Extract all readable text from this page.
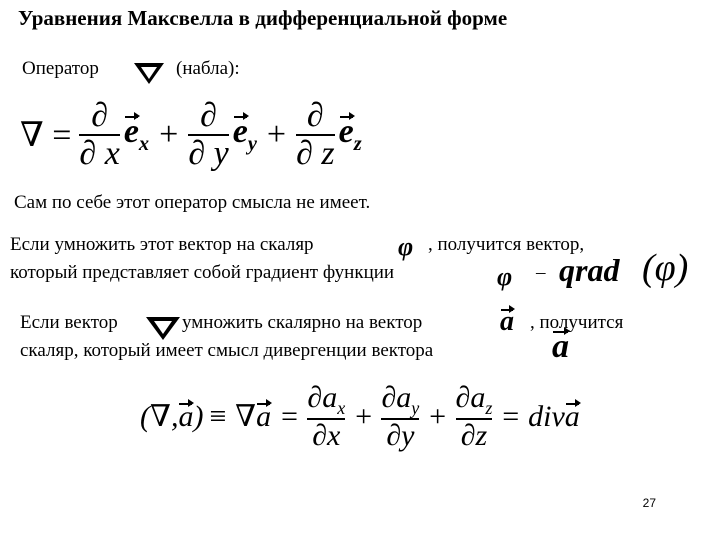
Уравнения Максвелла в дифференциальной форме
Оператор	(набла):
∇ = $\frac{\partial}{\partial x} e_x + \frac{\partial}{\partial y} e_y + \frac{\partial}{\partial z} e_z$
Сам по себе этот оператор смысла не имеет.
Если умножить этот вектор на скаляр	φ , получится вектор,
который представляет собой градиент функции	φ – qrad (φ)
Если вектор	умножить скалярно на вектор	a , получится
скаляр, который имеет смысл дивергенции вектора	a
(∇, a ) ≡ ∇ $a = \frac{\partial a_x}{\partial x} + \frac{\partial a_y}{\partial y} + \frac{\partial a_z}{\partial z}$ = div a
27
